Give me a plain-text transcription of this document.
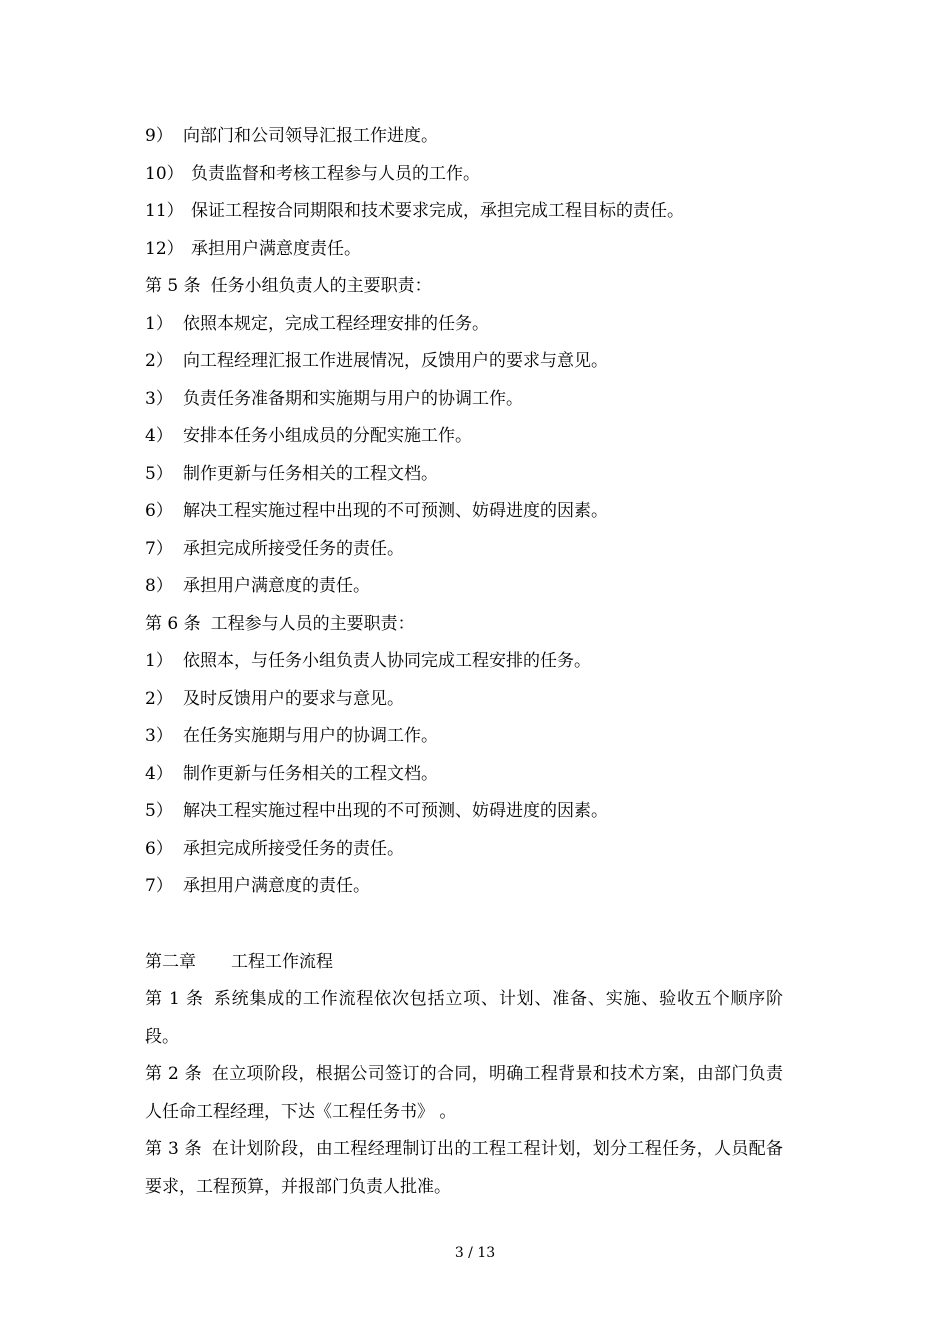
9） 向部门和公司领导汇报工作进度。
10） 负责监督和考核工程参与人员的工作。
11） 保证工程按合同期限和技术要求完成，承担完成工程目标的责任。
12） 承担用户满意度责任。
第 5 条 任务小组负责人的主要职责：
1） 依照本规定，完成工程经理安排的任务。
2） 向工程经理汇报工作进展情况，反馈用户的要求与意见。
3） 负责任务准备期和实施期与用户的协调工作。
4） 安排本任务小组成员的分配实施工作。
5） 制作更新与任务相关的工程文档。
6） 解决工程实施过程中出现的不可预测、妨碍进度的因素。
7） 承担完成所接受任务的责任。
8） 承担用户满意度的责任。
第 6 条 工程参与人员的主要职责：
1） 依照本，与任务小组负责人协同完成工程安排的任务。
2） 及时反馈用户的要求与意见。
3） 在任务实施期与用户的协调工作。
4） 制作更新与任务相关的工程文档。
5） 解决工程实施过程中出现的不可预测、妨碍进度的因素。
6） 承担完成所接受任务的责任。
7） 承担用户满意度的责任。
第二章 工程工作流程
第 1 条 系统集成的工作流程依次包括立项、计划、准备、实施、验收五个顺序阶段。
第 2 条 在立项阶段，根据公司签订的合同，明确工程背景和技术方案，由部门负责人任命工程经理，下达《工程任务书》 。
第 3 条 在计划阶段，由工程经理制订出的工程工程计划，划分工程任务，人员配备要求，工程预算，并报部门负责人批准。
3 / 13
